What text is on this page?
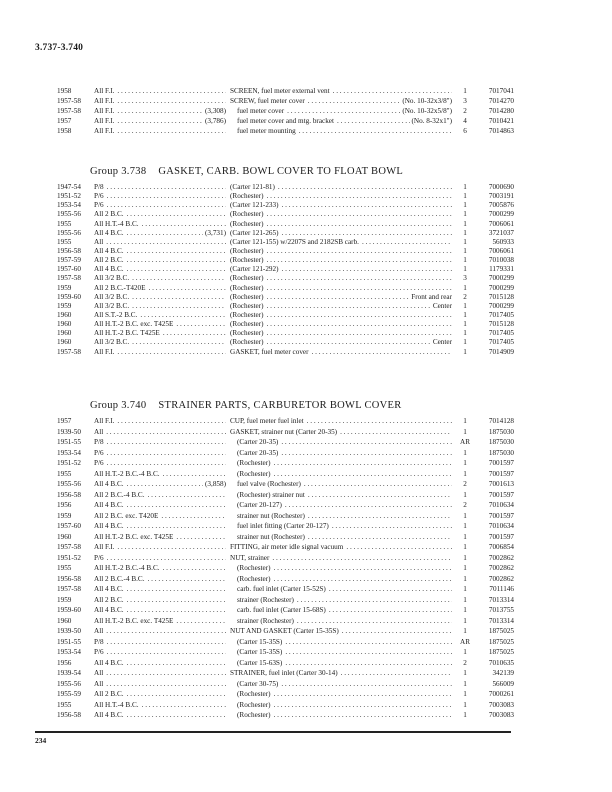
3.737-3.740
1958	All F.I. . . .	SCREEN, fuel meter external vent . . .	1	7017041
1957-58	All F.I. . . .	SCREW, fuel meter cover . . .	(No. 10-32x3/8")	3	7014270
1957-58	All F.I. . . .	(3,308) fuel meter cover . . .	(No. 10-32x5/8")	2	7014280
1957	All F.I. . . .	(3,786) fuel meter cover and mtg. bracket . . .	(No. 8-32x1")	4	7010421
1958	All F.I. . . .	fuel meter mounting . . .	6	7014863
Group 3.738 GASKET, CARB. BOWL COVER TO FLOAT BOWL
1947-54	P/8 . . .	(Carter 121-81) . . .	1	7000690
1951-52	P/6 . . .	(Rochester) . . .	1	7003191
1953-54	P/6 . . .	(Carter 121-233) . . .	1	7005876
1955-56	All 2 B.C. . . .	(Rochester) . . .	1	7000299
1955	All H.T.-4 B.C. . . .	(Rochester) . . .	1	7006061
1955-56	All 4 B.C. . . .	(3,731) (Carter 121-265) . . .	1	3721037
1955	All . . .	(Carter 121-155) w/2207S and 2182SB carb. . . .	1	560933
1956-58	All 4 B.C. . . .	(Rochester) . . .	1	7006061
1957-59	All 2 B.C. . . .	(Rochester) . . .	1	7010038
1957-60	All 4 B.C. . . .	(Carter 121-292) . . .	1	1179331
1957-58	All 3/2 B.C. . . .	(Rochester) . . .	3	7000299
1959	All 2 B.C.-T420E . . .	(Rochester) . . .	1	7000299
1959-60	All 3/2 B.C. . . .	(Rochester) . . .	Front and rear	2	7015128
1959	All 3/2 B.C. . . .	(Rochester) . . .	Center	1	7000299
1960	All S.T.-2 B.C. . . .	(Rochester) . . .	1	7017405
1960	All H.T.-2 B.C. exc. T425E . . .	(Rochester) . . .	1	7015128
1960	All H.T.-2 B.C. T425E . . .	(Rochester) . . .	1	7017405
1960	All 3/2 B.C. . . .	(Rochester) . . .	Center	1	7017405
1957-58	All F.I. . . .	GASKET, fuel meter cover . . .	1	7014909
Group 3.740 STRAINER PARTS, CARBURETOR BOWL COVER
1957	All F.I. . . .	CUP, fuel meter fuel inlet . . .	1	7014128
1939-50	All . . .	GASKET, strainer nut (Carter 20-35) . . .	1	1875030
1951-55	P/8 . . .	(Carter 20-35) . . .	AR	1875030
1953-54	P/6 . . .	(Carter 20-35) . . .	1	1875030
1951-52	P/6 . . .	(Rochester) . . .	1	7001597
1955	All H.T.-2 B.C.-4 B.C. . . .	(Rochester) . . .	1	7001597
1955-56	All 4 B.C. . . .	(3,858) fuel valve (Rochester) . . .	2	7001613
1956-58	All 2 B.C.-4 B.C. . . .	(Rochester) strainer nut . . .	1	7001597
1956	All 4 B.C. . . .	(Carter 20-127) . . .	2	7010634
1959	All 2 B.C. exc. T420E . . .	strainer nut (Rochester) . . .	1	7001597
1957-60	All 4 B.C. . . .	fuel inlet fitting (Carter 20-127) . . .	1	7010634
1960	All H.T.-2 B.C. exc. T425E . . .	strainer nut (Rochester) . . .	1	7001597
1957-58	All F.I. . . .	FITTING, air meter idle signal vacuum . . .	1	7006854
1951-52	P/6 . . .	NUT, strainer . . .	1	7002862
1955	All H.T.-2 B.C.-4 B.C. . . .	(Rochester) . . .	1	7002862
1956-58	All 2 B.C.-4 B.C. . . .	(Rochester) . . .	1	7002862
1957-58	All 4 B.C. . . .	carb. fuel inlet (Carter 15-52S) . . .	1	7011146
1959	All 2 B.C. . . .	strainer (Rochester) . . .	1	7013314
1959-60	All 4 B.C. . . .	carb. fuel inlet (Carter 15-68S) . . .	1	7013755
1960	All H.T.-2 B.C. exc. T425E . . .	strainer (Rochester) . . .	1	7013314
1939-50	All . . .	NUT AND GASKET (Carter 15-35S) . . .	1	1875025
1951-55	P/8 . . .	(Carter 15-35S) . . .	AR	1875025
1953-54	P/6 . . .	(Carter 15-35S) . . .	1	1875025
1956	All 4 B.C. . . .	(Carter 15-63S) . . .	2	7010635
1939-54	All . . .	STRAINER, fuel inlet (Carter 30-14) . . .	1	342139
1955-56	All . . .	(Carter 30-75) . . .	1	566009
1955-59	All 2 B.C. . . .	(Rochester) . . .	1	7000261
1955	All H.T.-4 B.C. . . .	(Rochester) . . .	1	7003083
1956-58	All 4 B.C. . . .	(Rochester) . . .	1	7003083
234
